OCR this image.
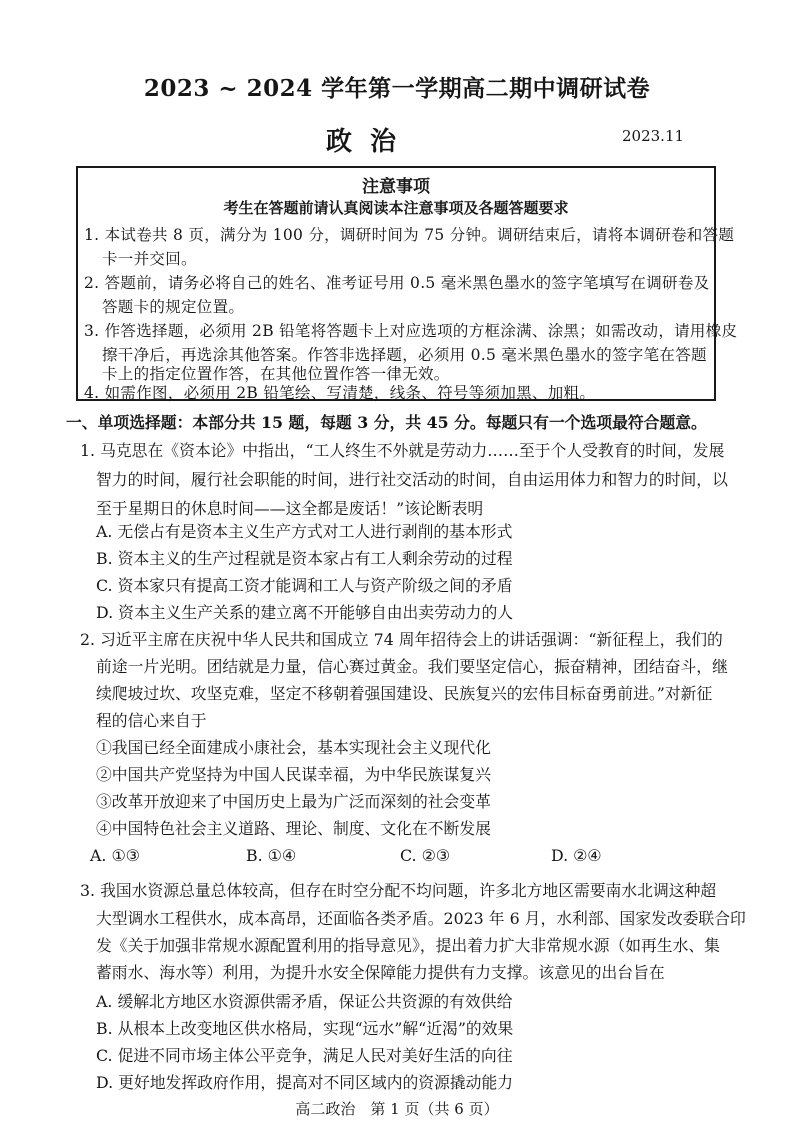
2023 ~ 2024 学年第一学期高二期中调研试卷
政治	2023.11
注意事项
考生在答题前请认真阅读本注意事项及各题答题要求
1. 本试卷共 8 页，满分为 100 分，调研时间为 75 分钟。调研结束后，请将本调研卷和答题
卡一并交回。
2. 答题前，请务必将自己的姓名、准考证号用 0.5 毫米黑色墨水的签字笔填写在调研卷及
答题卡的规定位置。
3. 作答选择题，必须用 2B 铅笔将答题卡上对应选项的方框涂满、涂黑；如需改动，请用橡皮
擦干净后，再选涂其他答案。作答非选择题，必须用 0.5 毫米黑色墨水的签字笔在答题
卡上的指定位置作答，在其他位置作答一律无效。
4. 如需作图，必须用 2B 铅笔绘、写清楚，线条、符号等须加黑、加粗。
一、单项选择题：本部分共 15 题，每题 3 分，共 45 分。每题只有一个选项最符合题意。
1. 马克思在《资本论》中指出，“工人终生不外就是劳动力……至于个人受教育的时间，发展
智力的时间，履行社会职能的时间，进行社交活动的时间，自由运用体力和智力的时间，以
至于星期日的休息时间——这全都是废话！”该论断表明
A. 无偿占有是资本主义生产方式对工人进行剥削的基本形式
B. 资本主义的生产过程就是资本家占有工人剩余劳动的过程
C. 资本家只有提高工资才能调和工人与资产阶级之间的矛盾
D. 资本主义生产关系的建立离不开能够自由出卖劳动力的人
2. 习近平主席在庆祝中华人民共和国成立 74 周年招待会上的讲话强调：“新征程上，我们的
前途一片光明。团结就是力量，信心赛过黄金。我们要坚定信心，振奋精神，团结奋斗，继
续爬坡过坎、攻坚克难，坚定不移朝着强国建设、民族复兴的宏伟目标奋勇前进。”对新征
程的信心来自于
①我国已经全面建成小康社会，基本实现社会主义现代化
②中国共产党坚持为中国人民谋幸福，为中华民族谋复兴
③改革开放迎来了中国历史上最为广泛而深刻的社会变革
④中国特色社会主义道路、理论、制度、文化在不断发展
A. ①③	B. ①④	C. ②③	D. ②④
3. 我国水资源总量总体较高，但存在时空分配不均问题，许多北方地区需要南水北调这种超
大型调水工程供水，成本高昂，还面临各类矛盾。2023 年 6 月，水利部、国家发改委联合印
发《关于加强非常规水源配置利用的指导意见》，提出着力扩大非常规水源（如再生水、集
蓄雨水、海水等）利用，为提升水安全保障能力提供有力支撑。该意见的出台旨在
A. 缓解北方地区水资源供需矛盾，保证公共资源的有效供给
B. 从根本上改变地区供水格局，实现“远水”解“近渴”的效果
C. 促进不同市场主体公平竞争，满足人民对美好生活的向往
D. 更好地发挥政府作用，提高对不同区域内的资源撬动能力
高二政治　第 1 页（共 6 页）
